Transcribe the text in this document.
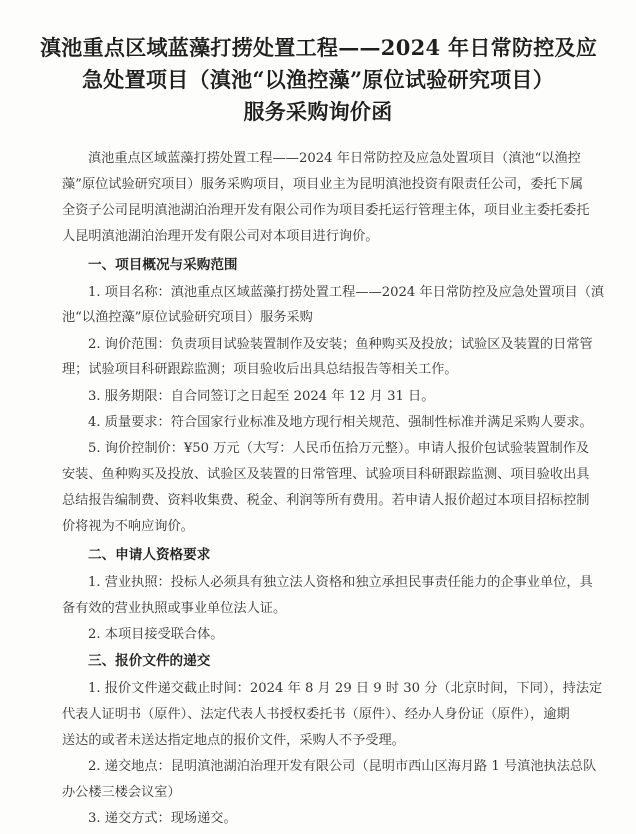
滇池重点区域蓝藻打捞处置工程——2024 年日常防控及应
急处置项目（滇池“以渔控藻”原位试验研究项目）
服务采购询价函
滇池重点区域蓝藻打捞处置工程——2024 年日常防控及应急处置项目（滇池“以渔控
藻”原位试验研究项目）服务采购项目，项目业主为昆明滇池投资有限责任公司，委托下属
全资子公司昆明滇池湖泊治理开发有限公司作为项目委托运行管理主体，项目业主委托委托
人昆明滇池湖泊治理开发有限公司对本项目进行询价。
一、项目概况与采购范围
1. 项目名称：滇池重点区域蓝藻打捞处置工程——2024 年日常防控及应急处置项目（滇
池“以渔控藻”原位试验研究项目）服务采购
2. 询价范围：负责项目试验装置制作及安装；鱼种购买及投放；试验区及装置的日常管
理；试验项目科研跟踪监测；项目验收后出具总结报告等相关工作。
3. 服务期限：自合同签订之日起至 2024 年 12 月 31 日。
4. 质量要求：符合国家行业标准及地方现行相关规范、强制性标准并满足采购人要求。
5. 询价控制价：¥50 万元（大写：人民币伍拾万元整）。申请人报价包试验装置制作及
安装、鱼种购买及投放、试验区及装置的日常管理、试验项目科研跟踪监测、项目验收出具
总结报告编制费、资料收集费、税金、利润等所有费用。若申请人报价超过本项目招标控制
价将视为不响应询价。
二、申请人资格要求
1. 营业执照：投标人必须具有独立法人资格和独立承担民事责任能力的企事业单位，具
备有效的营业执照或事业单位法人证。
2. 本项目接受联合体。
三、报价文件的递交
1. 报价文件递交截止时间：2024 年 8 月 29 日 9 时 30 分（北京时间，下同），持法定
代表人证明书（原件）、法定代表人书授权委托书（原件）、经办人身份证（原件），逾期
送达的或者未送达指定地点的报价文件，采购人不予受理。
2. 递交地点：昆明滇池湖泊治理开发有限公司（昆明市西山区海月路 1 号滇池执法总队
办公楼三楼会议室）
3. 递交方式：现场递交。
